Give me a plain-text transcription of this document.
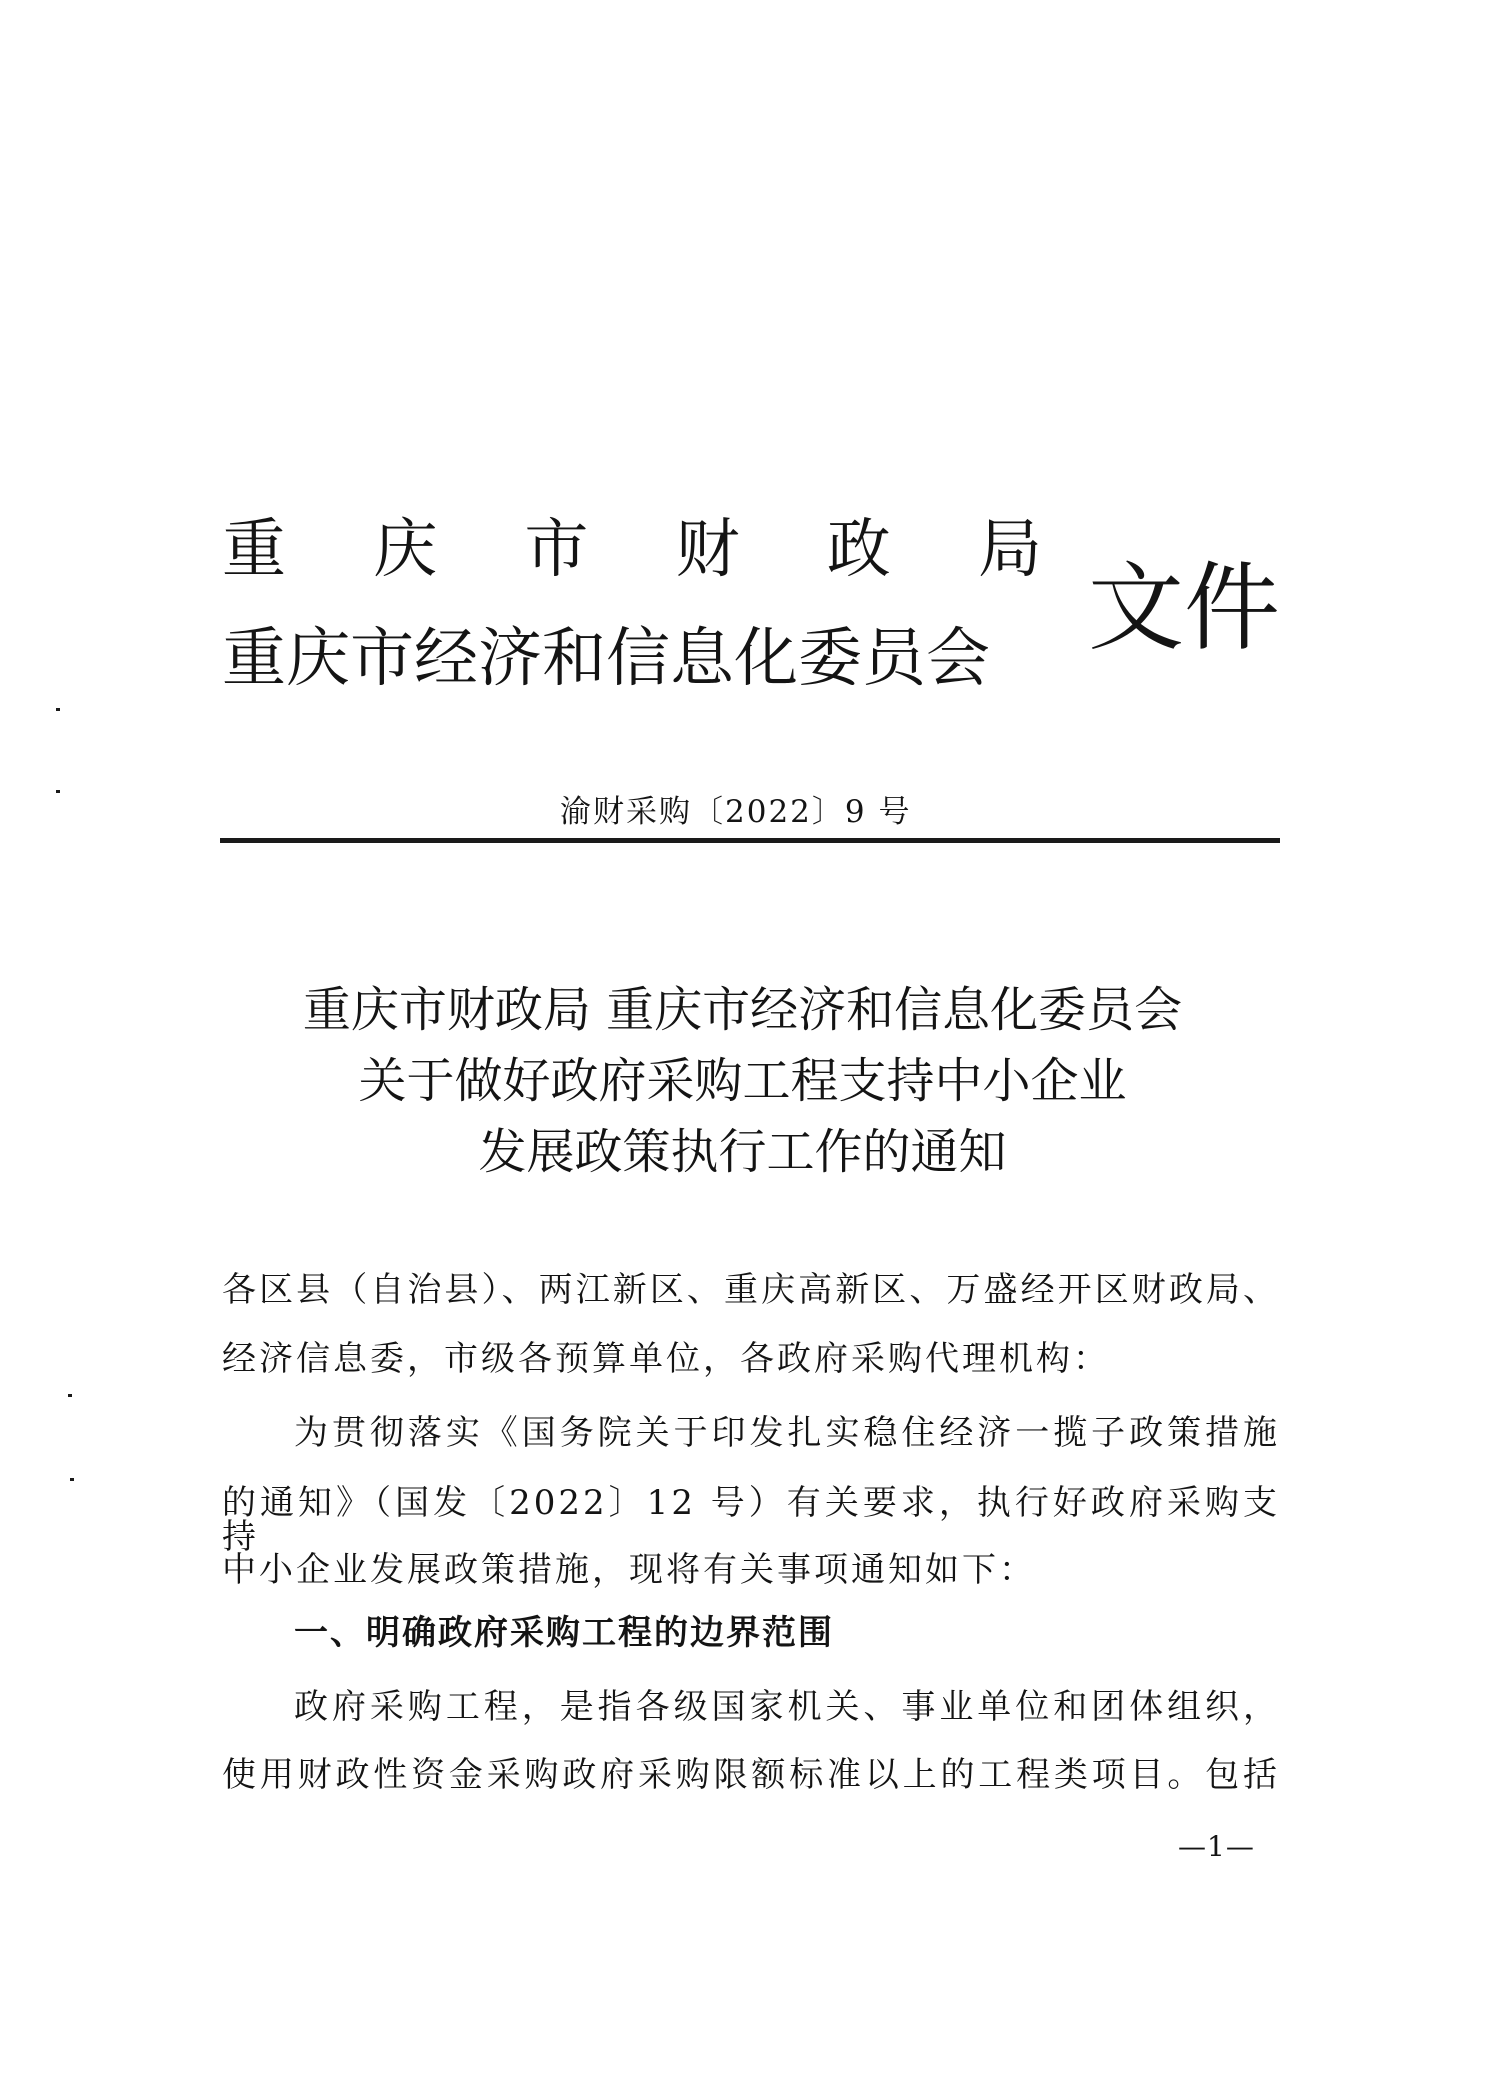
重 庆 市 财 政 局
重庆市经济和信息化委员会	文件
渝财采购〔2022〕9 号
重庆市财政局 重庆市经济和信息化委员会
关于做好政府采购工程支持中小企业
发展政策执行工作的通知
各区县（自治县）、两江新区、重庆高新区、万盛经开区财政局、
经济信息委，市级各预算单位，各政府采购代理机构：
为贯彻落实《国务院关于印发扎实稳住经济一揽子政策措施
的通知》（国发〔2022〕12 号）有关要求，执行好政府采购支持
中小企业发展政策措施，现将有关事项通知如下：
一、明确政府采购工程的边界范围
政府采购工程，是指各级国家机关、事业单位和团体组织，
使用财政性资金采购政府采购限额标准以上的工程类项目。包括
—1—
